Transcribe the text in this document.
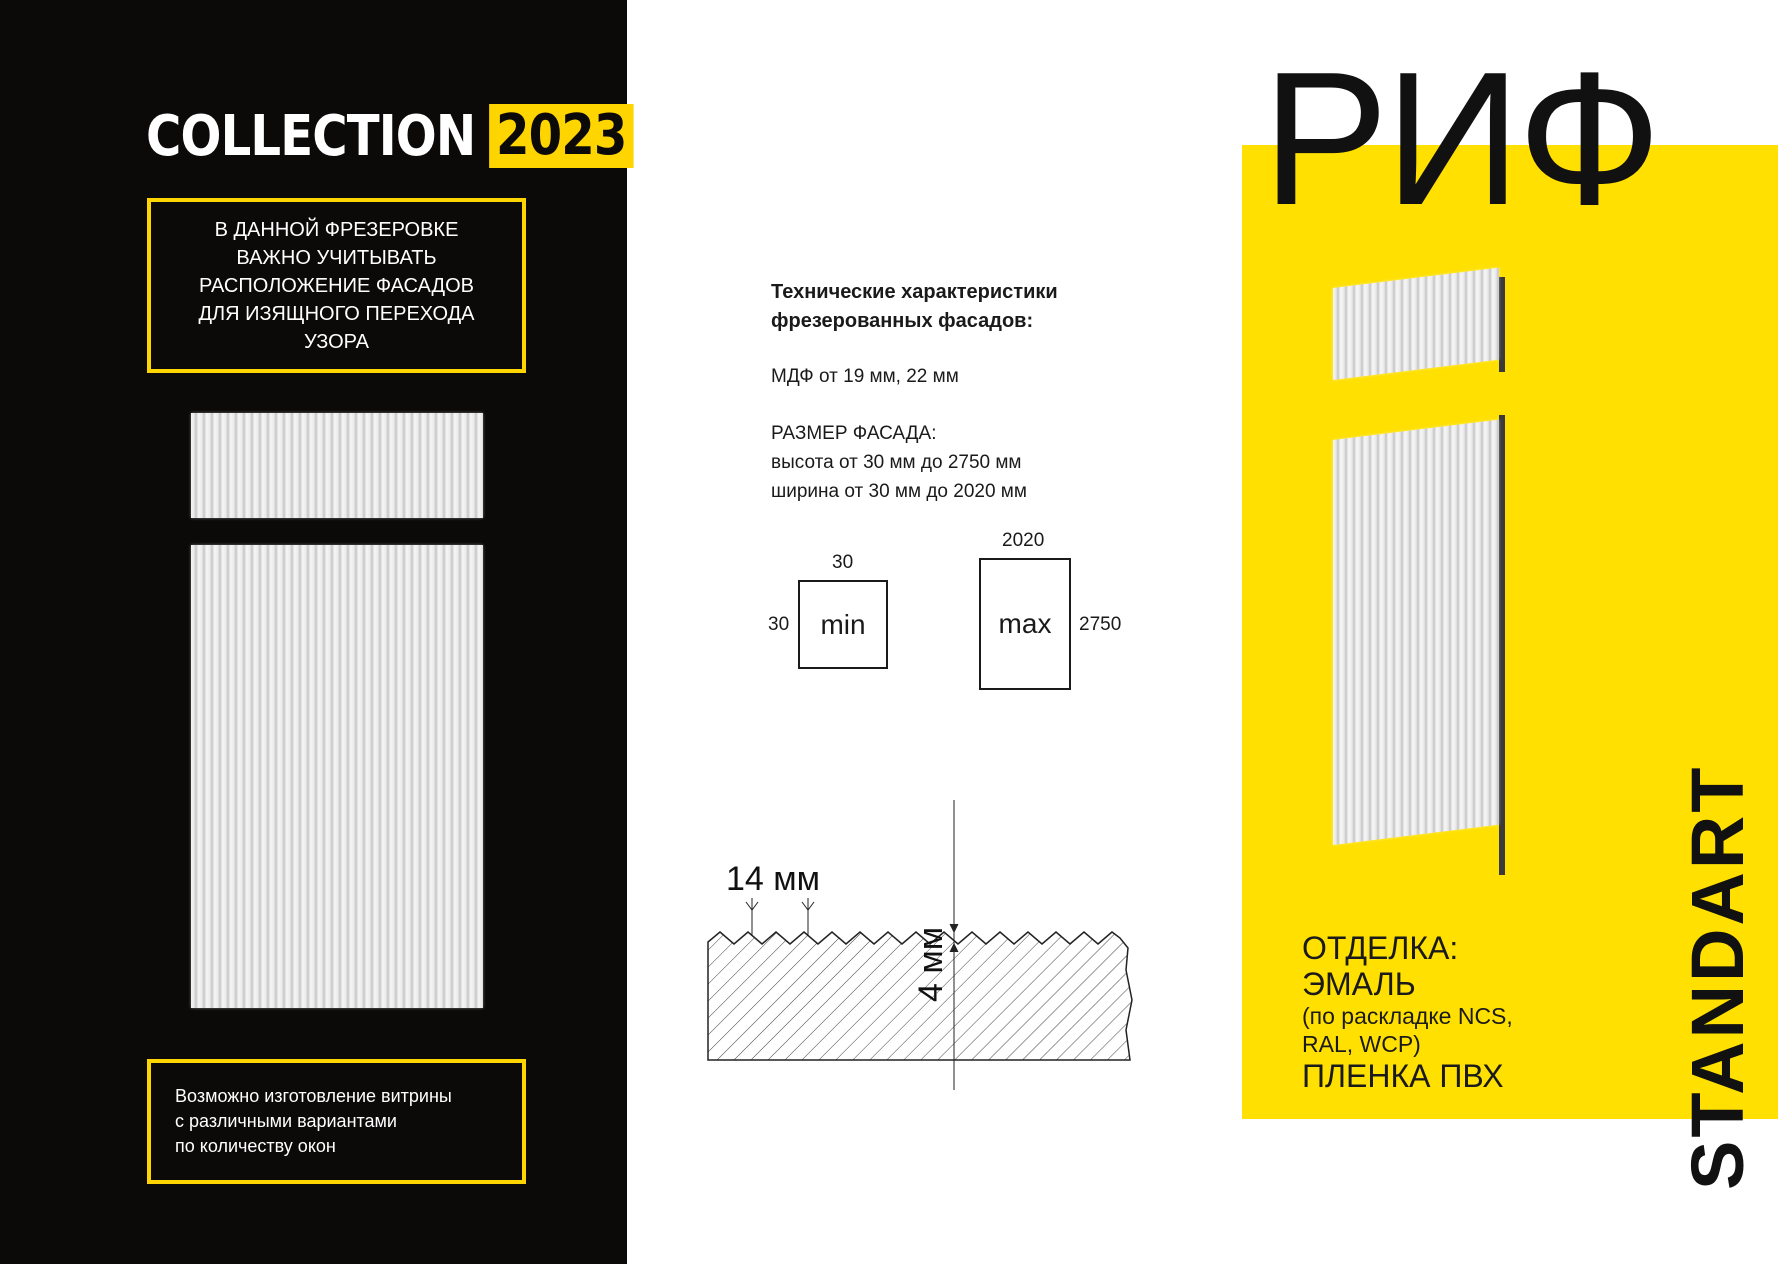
COLLECTION 2023
В ДАННОЙ ФРЕЗЕРОВКЕ
ВАЖНО УЧИТЫВАТЬ
РАСПОЛОЖЕНИЕ ФАСАДОВ
ДЛЯ ИЗЯЩНОГО ПЕРЕХОДА
УЗОРА
Возможно изготовление витрины
с различными вариантами
по количеству окон
Технические характеристики
фрезерованных фасадов:
МДФ от 19 мм, 22 мм
РАЗМЕР ФАСАДА:
высота от 30 мм до 2750 мм
ширина от 30 мм до 2020 мм
30
30 min
2020
2750
max
14 мм
4 мм
РИФ
ОТДЕЛКА:
ЭМАЛЬ
(по раскладке NCS,
RAL, WCP)
ПЛЕНКА ПВХ STANDART
